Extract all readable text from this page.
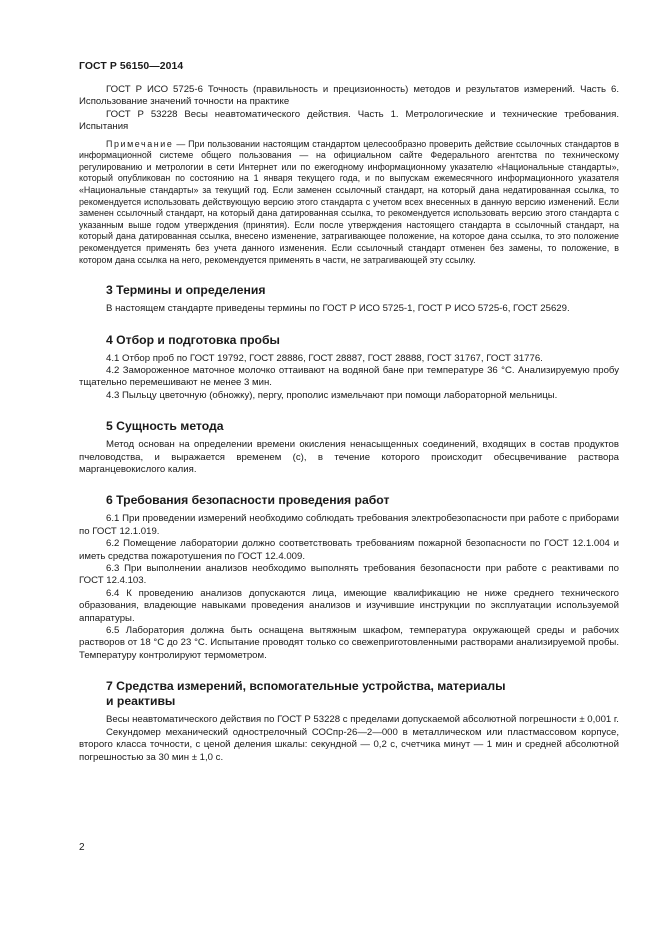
ГОСТ Р 56150—2014

ГОСТ Р ИСО 5725-6 Точность (правильность и прецизионность) методов и результатов измерений. Часть 6. Использование значений точности на практике

ГОСТ Р 53228 Весы неавтоматического действия. Часть 1. Метрологические и технические требования. Испытания

Примечание — При пользовании настоящим стандартом целесообразно проверить действие ссылочных стандартов в информационной системе общего пользования — на официальном сайте Федерального агентства по техническому регулированию и метрологии в сети Интернет или по ежегодному информационному указателю «Национальные стандарты», который опубликован по состоянию на 1 января текущего года, и по выпускам ежемесячного информационного указателя «Национальные стандарты» за текущий год. Если заменен ссылочный стандарт, на который дана недатированная ссылка, то рекомендуется использовать действующую версию этого стандарта с учетом всех внесенных в данную версию изменений. Если заменен ссылочный стандарт, на который дана датированная ссылка, то рекомендуется использовать версию этого стандарта с указанным выше годом утверждения (принятия). Если после утверждения настоящего стандарта в ссылочный стандарт, на который дана датированная ссылка, внесено изменение, затрагивающее положение, на которое дана ссылка, то это положение рекомендуется применять без учета данного изменения. Если ссылочный стандарт отменен без замены, то положение, в котором дана ссылка на него, рекомендуется применять в части, не затрагивающей эту ссылку.

3 Термины и определения

В настоящем стандарте приведены термины по ГОСТ Р ИСО 5725-1, ГОСТ Р ИСО 5725-6, ГОСТ 25629.

4 Отбор и подготовка пробы

4.1 Отбор проб по ГОСТ 19792, ГОСТ 28886, ГОСТ 28887, ГОСТ 28888, ГОСТ 31767, ГОСТ 31776.

4.2 Замороженное маточное молочко оттаивают на водяной бане при температуре 36 °С. Анализируемую пробу тщательно перемешивают не менее 3 мин.

4.3 Пыльцу цветочную (обножку), пергу, прополис измельчают при помощи лабораторной мельницы.

5 Сущность метода

Метод основан на определении времени окисления ненасыщенных соединений, входящих в состав продуктов пчеловодства, и выражается временем (с), в течение которого происходит обесцвечивание раствора марганцевокислого калия.

6 Требования безопасности проведения работ

6.1 При проведении измерений необходимо соблюдать требования электробезопасности при работе с приборами по ГОСТ 12.1.019.

6.2 Помещение лаборатории должно соответствовать требованиям пожарной безопасности по ГОСТ 12.1.004 и иметь средства пожаротушения по ГОСТ 12.4.009.

6.3 При выполнении анализов необходимо выполнять требования безопасности при работе с реактивами по ГОСТ 12.4.103.

6.4 К проведению анализов допускаются лица, имеющие квалификацию не ниже среднего технического образования, владеющие навыками проведения анализов и изучившие инструкции по эксплуатации используемой аппаратуры.

6.5 Лаборатория должна быть оснащена вытяжным шкафом, температура окружающей среды и рабочих растворов от 18 °С до 23 °С. Испытание проводят только со свежеприготовленными растворами анализируемой пробы. Температуру контролируют термометром.

7 Средства измерений, вспомогательные устройства, материалы
и реактивы

Весы неавтоматического действия по ГОСТ Р 53228 с пределами допускаемой абсолютной погрешности ± 0,001 г.

Секундомер механический однострелочный СОСпр-26—2—000 в металлическом или пластмассовом корпусе, второго класса точности, с ценой деления шкалы: секундной — 0,2 с, счетчика минут — 1 мин и средней абсолютной погрешностью за 30 мин ± 1,0 с.

2
